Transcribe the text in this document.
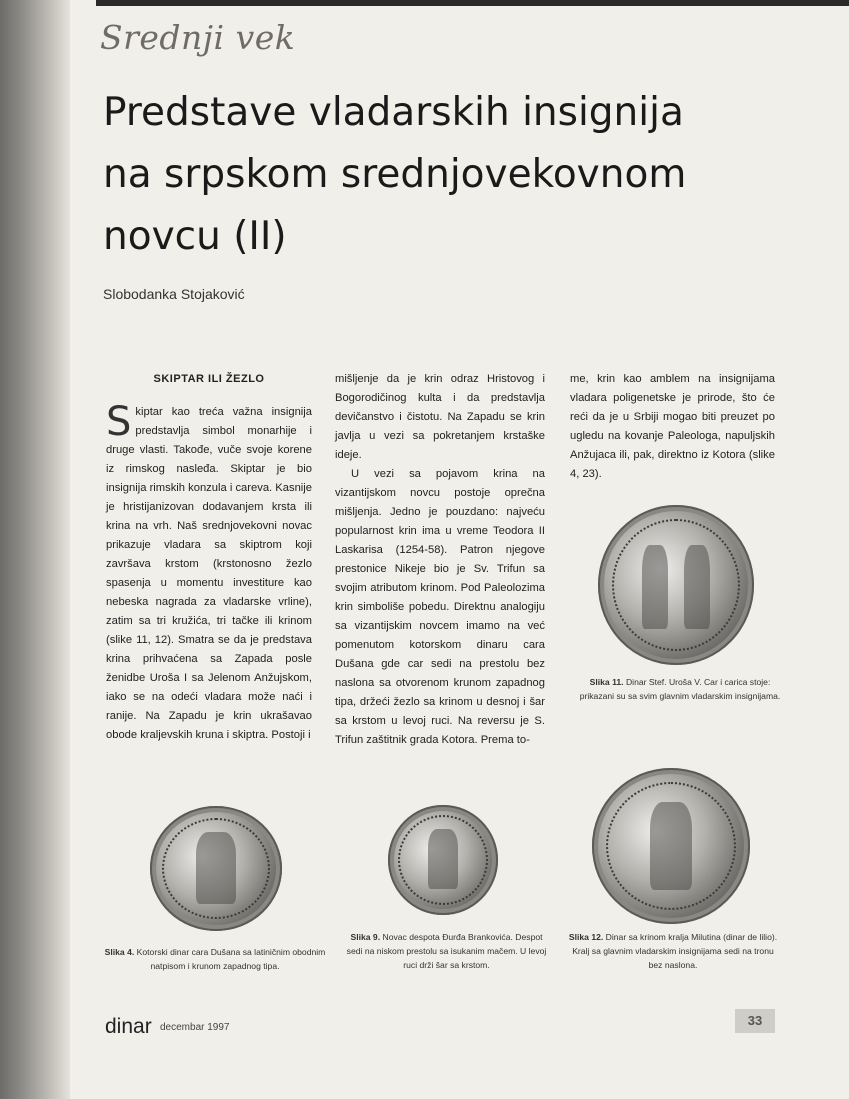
Srednji vek
Predstave vladarskih insignija
na srpskom srednjovekovnom
novcu (II)
Slobodanka Stojaković
SKIPTAR ILI ŽEZLO

Skiptar kao treća važna insignija predstavlja simbol monarhije i druge vlasti. Takođe, vuče svoje korene iz rimskog nasleđa. Skiptar je bio insignija rimskih konzula i careva. Kasnije je hristijanizovan dodavanjem krsta ili krina na vrh. Naš srednjovekovni novac prikazuje vladara sa skiptrom koji završava krstom (krstonosno žezlo spasenja u momentu investiture kao nebeska nagrada za vladarske vrline), zatim sa tri kružića, tri tačke ili krinom (slike 11, 12). Smatra se da je predstava krina prihvaćena sa Zapada posle ženidbe Uroša I sa Jelenom Anžujskom, iako se na odeći vladara može naći i ranije. Na Zapadu je krin ukrašavao obode kraljevskih kruna i skiptra. Postoji i

mišljenje da je krin odraz Hristovog i Bogorodičinog kulta i da predstavlja devičanstvo i čistotu. Na Zapadu se krin javlja u vezi sa pokretanjem krstaške ideje.

U vezi sa pojavom krina na vizantijskom novcu postoje oprečna mišljenja. Jedno je pouzdano: najveću popularnost krin ima u vreme Teodora II Laskarisa (1254-58). Patron njegove prestonice Nikeje bio je Sv. Trifun sa svojim atributom krinom. Pod Paleolozima krin simboliše pobedu. Direktnu analogiju sa vizantijskim novcem imamo na već pomenutom kotorskom dinaru cara Dušana gde car sedi na prestolu bez naslona sa otvorenom krunom zapadnog tipa, držeći žezlo sa krinom u desnoj i šar sa krstom u levoj ruci. Na reversu je S. Trifun zaštitnik grada Kotora. Prema to-

me, krin kao amblem na insignijama vladara poligenetske je prirode, što će reći da je u Srbiji mogao biti preuzet po ugledu na kovanje Paleologa, napuljskih Anžujaca ili, pak, direktno iz Kotora (slike 4, 23).

Slika 11. Dinar Stef. Uroša V. Car i carica stoje: prikazani su sa svim glavnim vladarskim insignijama.
Slika 4. Kotorski dinar cara Dušana sa latiničnim obodnim natpisom i krunom zapadnog tipa.
Slika 9. Novac despota Đurđa Brankovića. Despot sedi na niskom prestolu sa isukanim mačem. U levoj ruci drži šar sa krstom.
Slika 12. Dinar sa krinom kralja Milutina (dinar de lilio). Kralj sa glavnim vladarskim insignijama sedi na tronu bez naslona.
dinar decembar 1997	33
